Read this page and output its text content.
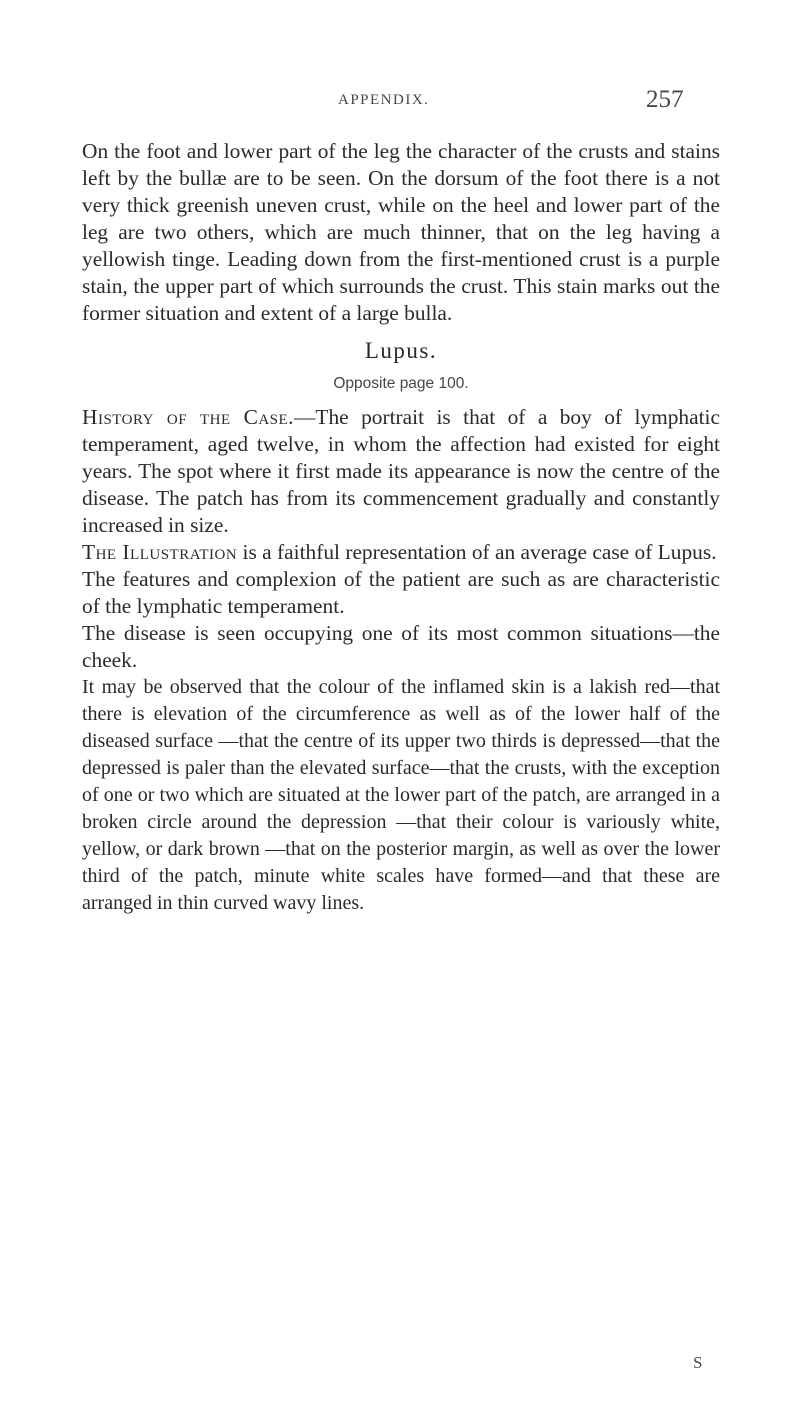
APPENDIX.	257

On the foot and lower part of the leg the character of the crusts and stains left by the bullæ are to be seen. On the dorsum of the foot there is a not very thick greenish uneven crust, while on the heel and lower part of the leg are two others, which are much thinner, that on the leg having a yellowish tinge. Leading down from the first-mentioned crust is a purple stain, the upper part of which surrounds the crust. This stain marks out the former situation and extent of a large bulla.

Lupus.
Opposite page 100.

History of the Case.—The portrait is that of a boy of lymphatic temperament, aged twelve, in whom the affection had existed for eight years. The spot where it first made its appearance is now the centre of the disease. The patch has from its commencement gradually and constantly increased in size.

The Illustration is a faithful representation of an average case of Lupus.

The features and complexion of the patient are such as are characteristic of the lymphatic temperament.

The disease is seen occupying one of its most common situations—the cheek.

It may be observed that the colour of the inflamed skin is a lakish red—that there is elevation of the circumference as well as of the lower half of the diseased surface —that the centre of its upper two thirds is depressed—that the depressed is paler than the elevated surface—that the crusts, with the exception of one or two which are situated at the lower part of the patch, are arranged in a broken circle around the depression —that their colour is variously white, yellow, or dark brown —that on the posterior margin, as well as over the lower third of the patch, minute white scales have formed—and that these are arranged in thin curved wavy lines.

S
